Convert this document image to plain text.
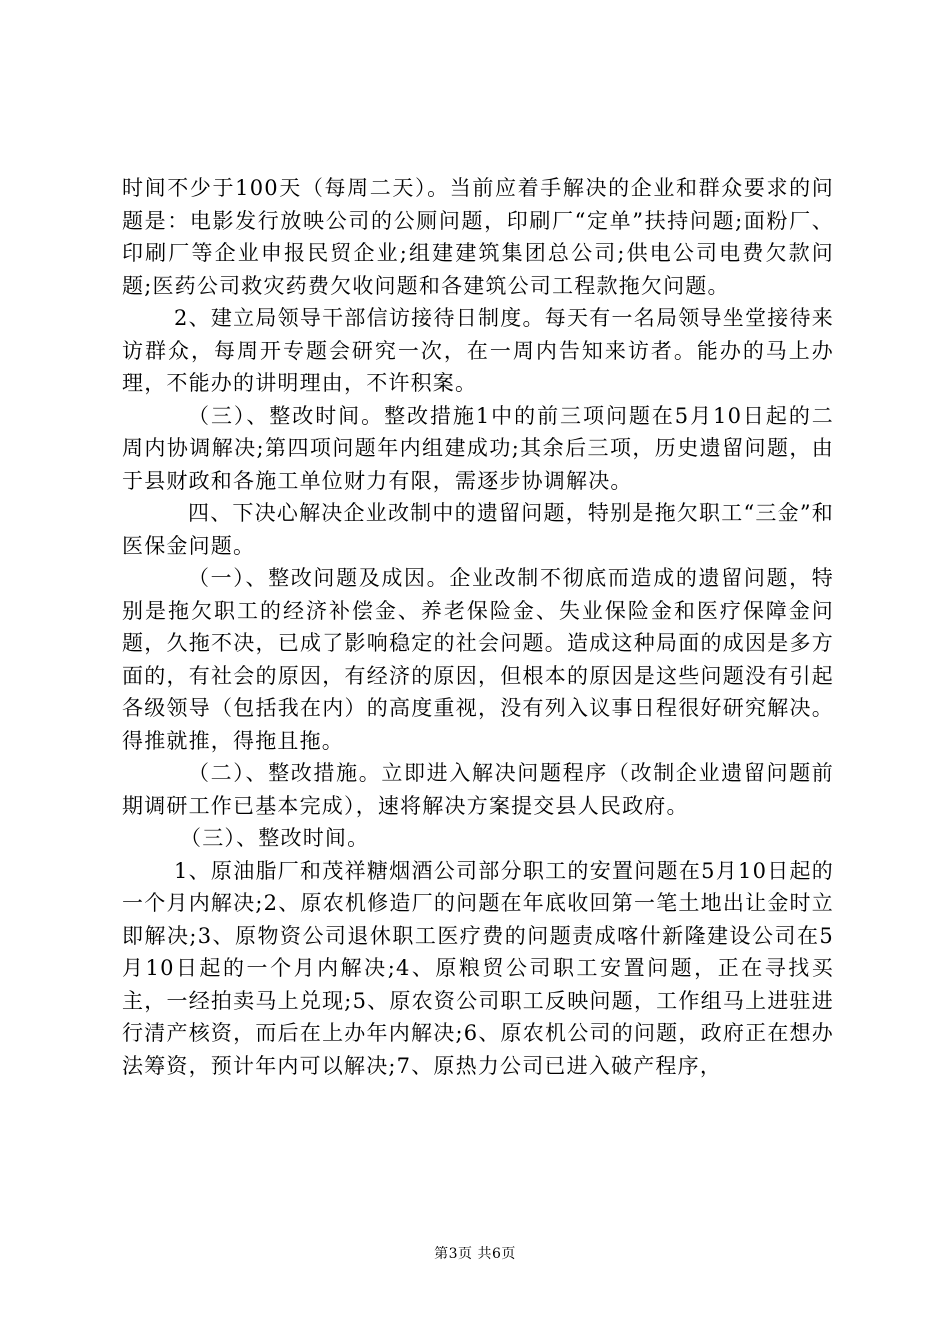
时间不少于100天（每周二天）。当前应着手解决的企业和群众要求的问题是：电影发行放映公司的公厕问题，印刷厂“定单”扶持问题;面粉厂、印刷厂等企业申报民贸企业;组建建筑集团总公司;供电公司电费欠款问题;医药公司救灾药费欠收问题和各建筑公司工程款拖欠问题。

2、建立局领导干部信访接待日制度。每天有一名局领导坐堂接待来访群众，每周开专题会研究一次，在一周内告知来访者。能办的马上办理，不能办的讲明理由，不许积案。

（三）、整改时间。整改措施1中的前三项问题在5月10日起的二周内协调解决;第四项问题年内组建成功;其余后三项，历史遗留问题，由于县财政和各施工单位财力有限，需逐步协调解决。

四、下决心解决企业改制中的遗留问题，特别是拖欠职工“三金”和医保金问题。

（一）、整改问题及成因。企业改制不彻底而造成的遗留问题，特别是拖欠职工的经济补偿金、养老保险金、失业保险金和医疗保障金问题，久拖不决，已成了影响稳定的社会问题。造成这种局面的成因是多方面的，有社会的原因，有经济的原因，但根本的原因是这些问题没有引起各级领导（包括我在内）的高度重视，没有列入议事日程很好研究解决。得推就推，得拖且拖。

（二）、整改措施。立即进入解决问题程序（改制企业遗留问题前期调研工作已基本完成），速将解决方案提交县人民政府。

（三）、整改时间。

1、原油脂厂和茂祥糖烟酒公司部分职工的安置问题在5月10日起的一个月内解决;2、原农机修造厂的问题在年底收回第一笔土地出让金时立即解决;3、原物资公司退休职工医疗费的问题责成喀什新隆建设公司在5月10日起的一个月内解决;4、原粮贸公司职工安置问题，正在寻找买主，一经拍卖马上兑现;5、原农资公司职工反映问题，工作组马上进驻进行清产核资，而后在上办年内解决;6、原农机公司的问题，政府正在想办法筹资，预计年内可以解决;7、原热力公司已进入破产程序，

第3页 共6页
